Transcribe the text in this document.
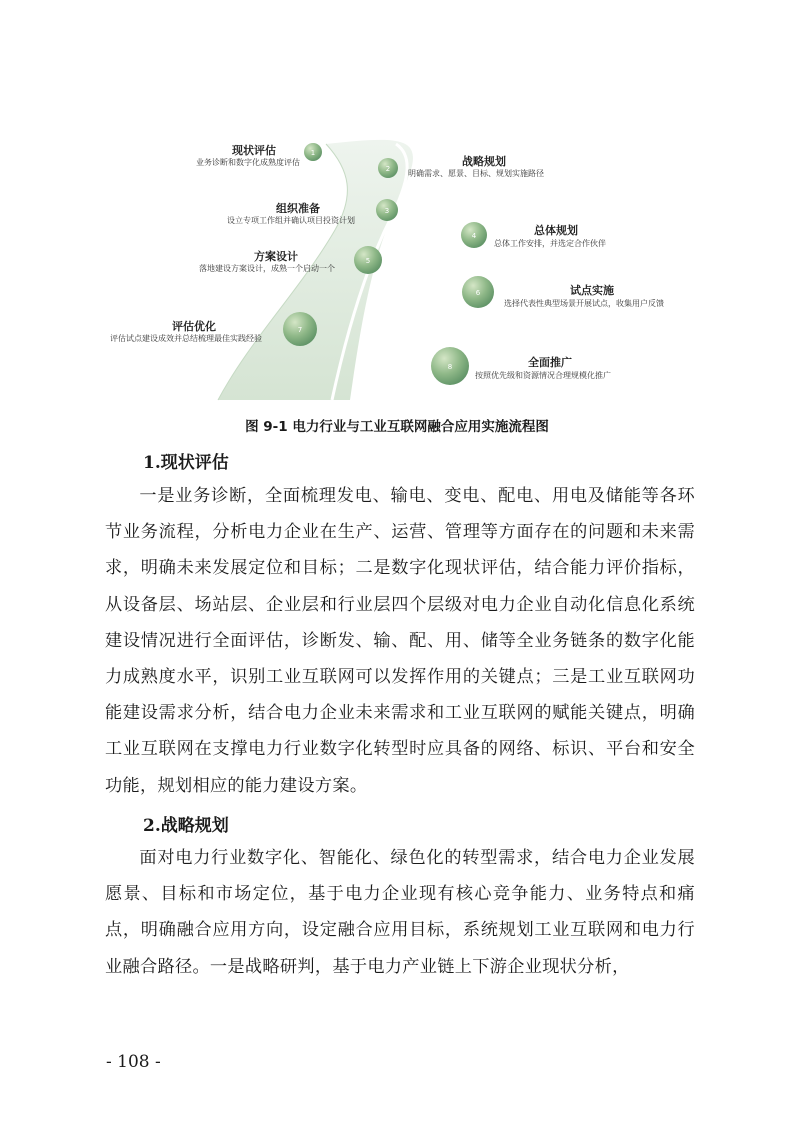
1
2
3
4
5
6
7
8
现状评估
业务诊断和数字化成熟度评估
组织准备
设立专项工作组并确认项目投资计划
方案设计
落地建设方案设计，成熟一个启动一个
评估优化
评估试点建设成效并总结梳理最佳实践经验
战略规划
明确需求、愿景、目标、规划实施路径
总体规划
总体工作安排，并选定合作伙伴
试点实施
选择代表性典型场景开展试点，收集用户反馈
全面推广
按照优先级和资源情况合理规模化推广
图 9-1 电力行业与工业互联网融合应用实施流程图
1.现状评估

一是业务诊断，全面梳理发电、输电、变电、配电、用电及储能等各环节业务流程，分析电力企业在生产、运营、管理等方面存在的问题和未来需求，明确未来发展定位和目标；二是数字化现状评估，结合能力评价指标，从设备层、场站层、企业层和行业层四个层级对电力企业自动化信息化系统建设情况进行全面评估，诊断发、输、配、用、储等全业务链条的数字化能力成熟度水平，识别工业互联网可以发挥作用的关键点；三是工业互联网功能建设需求分析，结合电力企业未来需求和工业互联网的赋能关键点，明确工业互联网在支撑电力行业数字化转型时应具备的网络、标识、平台和安全功能，规划相应的能力建设方案。

2.战略规划

面对电力行业数字化、智能化、绿色化的转型需求，结合电力企业发展愿景、目标和市场定位，基于电力企业现有核心竞争能力、业务特点和痛点，明确融合应用方向，设定融合应用目标，系统规划工业互联网和电力行业融合路径。一是战略研判，基于电力产业链上下游企业现状分析，

- 108 -
